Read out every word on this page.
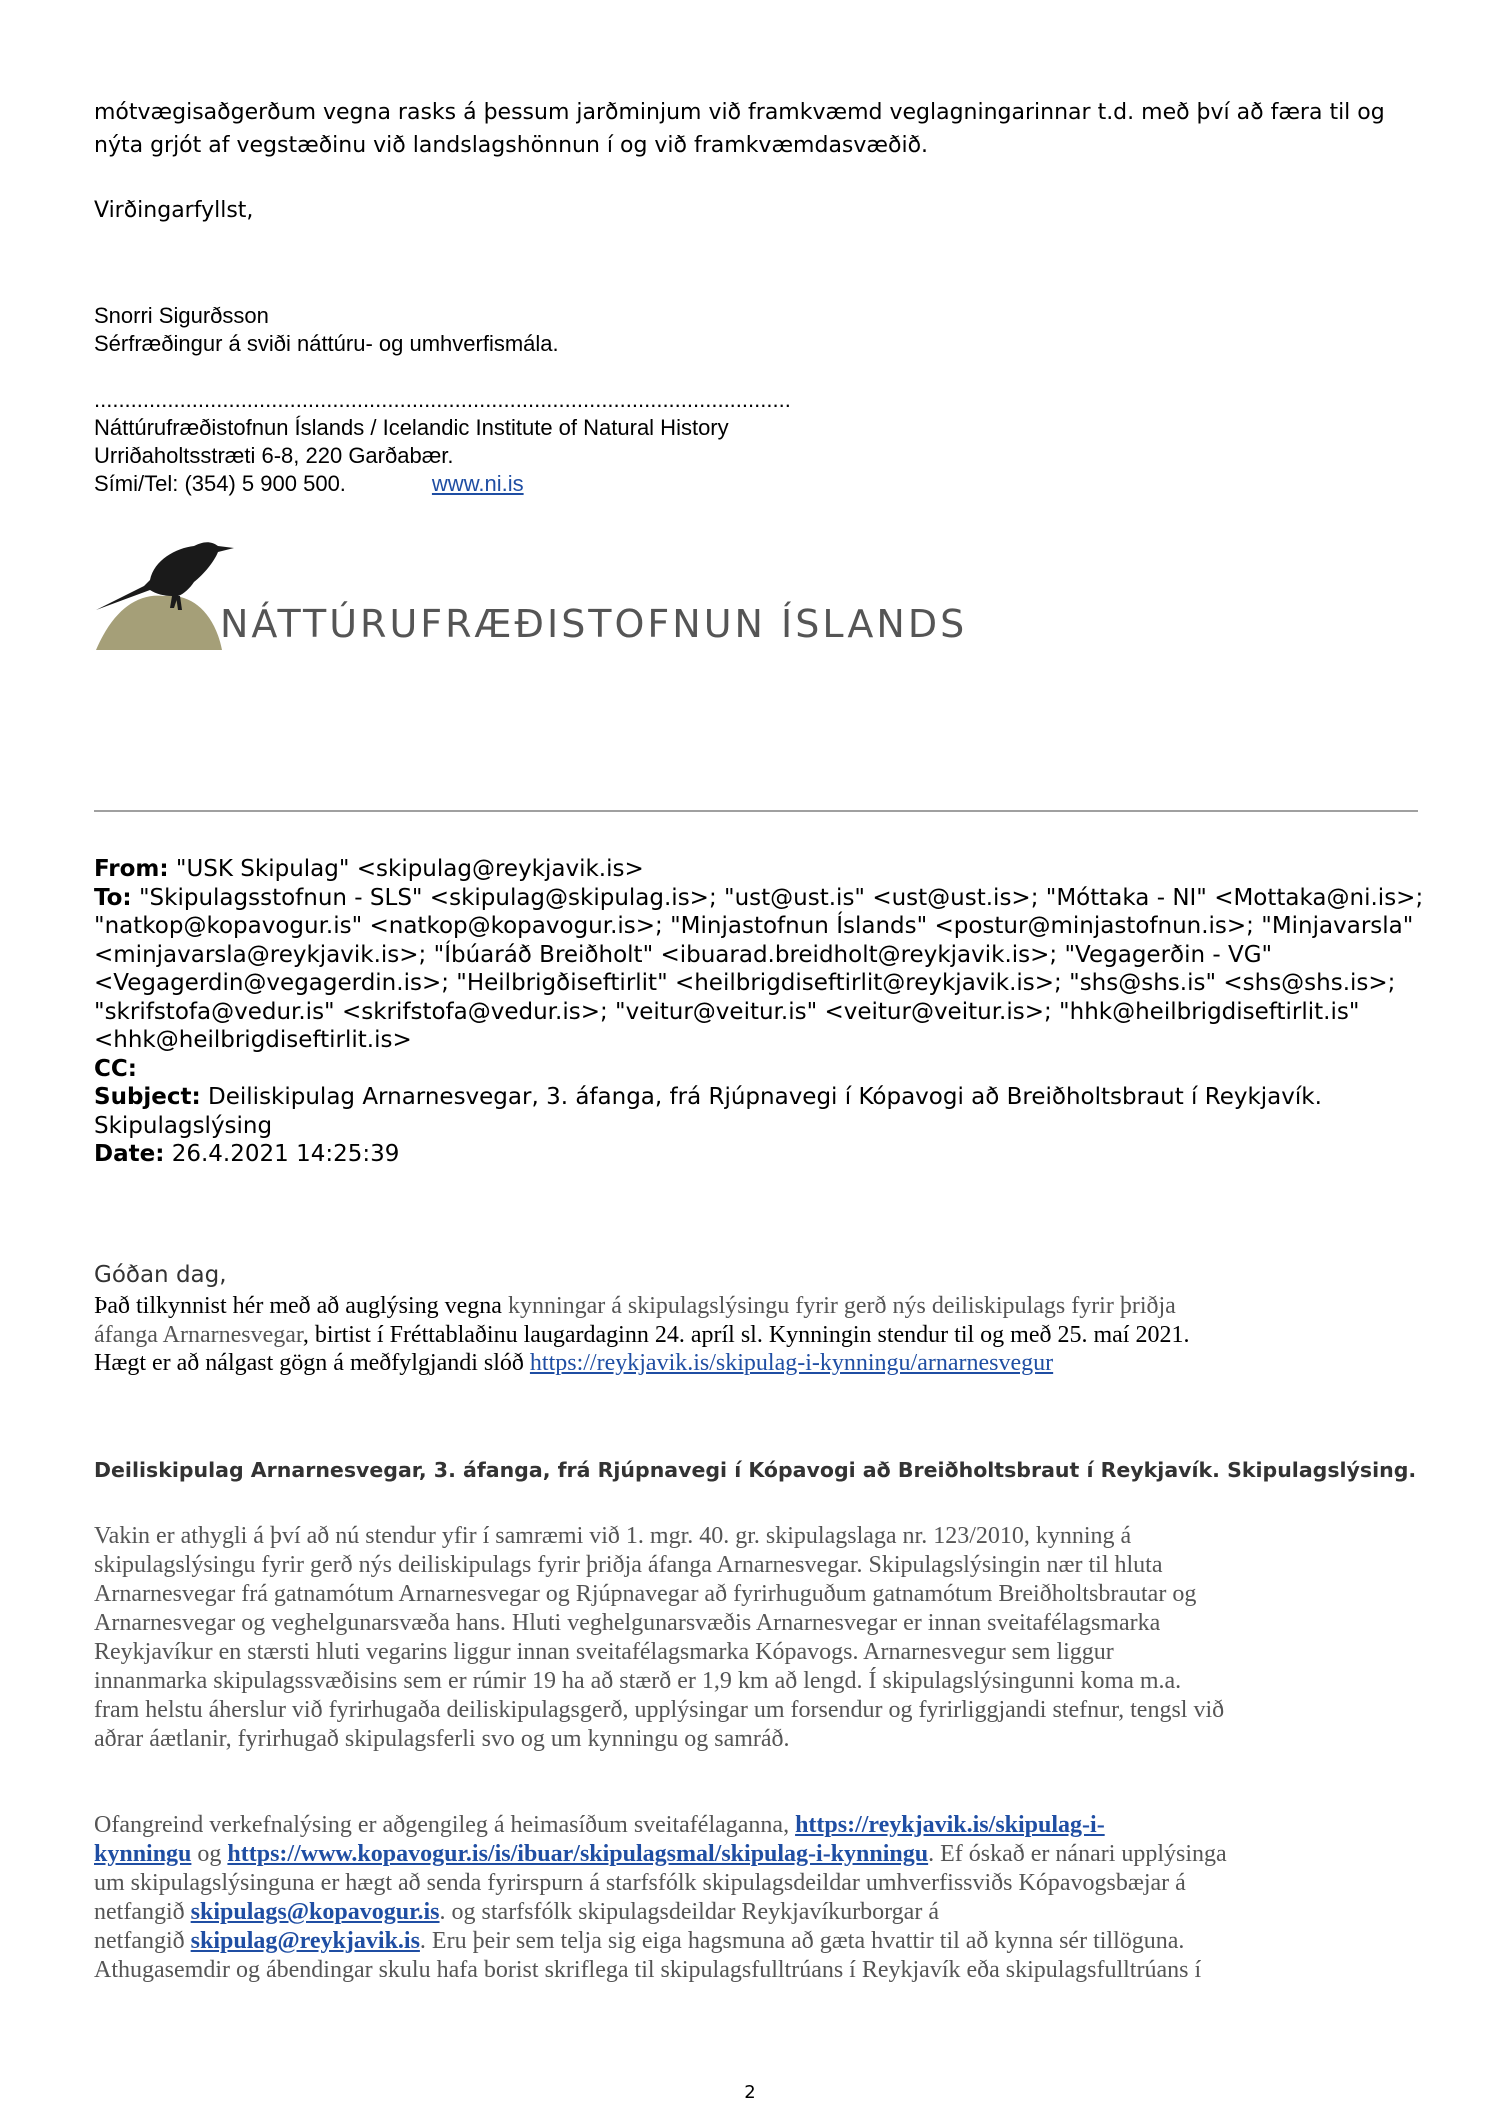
mótvægisaðgerðum vegna rasks á þessum jarðminjum við framkvæmd veglagningarinnar t.d. með því að færa til og
nýta grjót af vegstæðinu við landslagshönnun í og við framkvæmdasvæðið.
Virðingarfyllst,
Snorri Sigurðsson
Sérfræðingur á sviði náttúru- og umhverfismála.
..................................................................................................................
Náttúrufræðistofnun Íslands / Icelandic Institute of Natural History
Urriðaholtsstræti 6-8, 220 Garðabær.
Sími/Tel: (354) 5 900 500.	www.ni.is
NÁTTÚRUFRÆÐISTOFNUN ÍSLANDS
From: "USK Skipulag" <skipulag@reykjavik.is>
To: "Skipulagsstofnun - SLS" <skipulag@skipulag.is>; "ust@ust.is" <ust@ust.is>; "Móttaka - NI" <Mottaka@ni.is>;
"natkop@kopavogur.is" <natkop@kopavogur.is>; "Minjastofnun Íslands" <postur@minjastofnun.is>; "Minjavarsla"
<minjavarsla@reykjavik.is>; "Íbúaráð Breiðholt" <ibuarad.breidholt@reykjavik.is>; "Vegagerðin - VG"
<Vegagerdin@vegagerdin.is>; "Heilbrigðiseftirlit" <heilbrigdiseftirlit@reykjavik.is>; "shs@shs.is" <shs@shs.is>;
"skrifstofa@vedur.is" <skrifstofa@vedur.is>; "veitur@veitur.is" <veitur@veitur.is>; "hhk@heilbrigdiseftirlit.is"
<hhk@heilbrigdiseftirlit.is>
CC:
Subject: Deiliskipulag Arnarnesvegar, 3. áfanga, frá Rjúpnavegi í Kópavogi að Breiðholtsbraut í Reykjavík.
Skipulagslýsing
Date: 26.4.2021 14:25:39
Góðan dag,
Það tilkynnist hér með að auglýsing vegna kynningar á skipulagslýsingu fyrir gerð nýs deiliskipulags fyrir þriðja
áfanga Arnarnesvegar, birtist í Fréttablaðinu laugardaginn 24. apríl sl. Kynningin stendur til og með 25. maí 2021.
Hægt er að nálgast gögn á meðfylgjandi slóð https://reykjavik.is/skipulag-i-kynningu/arnarnesvegur
Deiliskipulag Arnarnesvegar, 3. áfanga, frá Rjúpnavegi í Kópavogi að Breiðholtsbraut í Reykjavík. Skipulagslýsing.
Vakin er athygli á því að nú stendur yfir í samræmi við 1. mgr. 40. gr. skipulagslaga nr. 123/2010, kynning á
skipulagslýsingu fyrir gerð nýs deiliskipulags fyrir þriðja áfanga Arnarnesvegar. Skipulagslýsingin nær til hluta
Arnarnesvegar frá gatnamótum Arnarnesvegar og Rjúpnavegar að fyrirhuguðum gatnamótum Breiðholtsbrautar og
Arnarnesvegar og veghelgunarsvæða hans. Hluti veghelgunarsvæðis Arnarnesvegar er innan sveitafélagsmarka
Reykjavíkur en stærsti hluti vegarins liggur innan sveitafélagsmarka Kópavogs. Arnarnesvegur sem liggur
innanmarka skipulagssvæðisins sem er rúmir 19 ha að stærð er 1,9 km að lengd. Í skipulagslýsingunni koma m.a.
fram helstu áherslur við fyrirhugaða deiliskipulagsgerð, upplýsingar um forsendur og fyrirliggjandi stefnur, tengsl við
aðrar áætlanir, fyrirhugað skipulagsferli svo og um kynningu og samráð.
Ofangreind verkefnalýsing er aðgengileg á heimasíðum sveitafélaganna, https://reykjavik.is/skipulag-i-
kynningu og https://www.kopavogur.is/is/ibuar/skipulagsmal/skipulag-i-kynningu. Ef óskað er nánari upplýsinga
um skipulagslýsinguna er hægt að senda fyrirspurn á starfsfólk skipulagsdeildar umhverfissviðs Kópavogsbæjar á
netfangið skipulags@kopavogur.is. og starfsfólk skipulagsdeildar Reykjavíkurborgar á
netfangið skipulag@reykjavik.is. Eru þeir sem telja sig eiga hagsmuna að gæta hvattir til að kynna sér tillöguna.
Athugasemdir og ábendingar skulu hafa borist skriflega til skipulagsfulltrúans í Reykjavík eða skipulagsfulltrúans í
2
